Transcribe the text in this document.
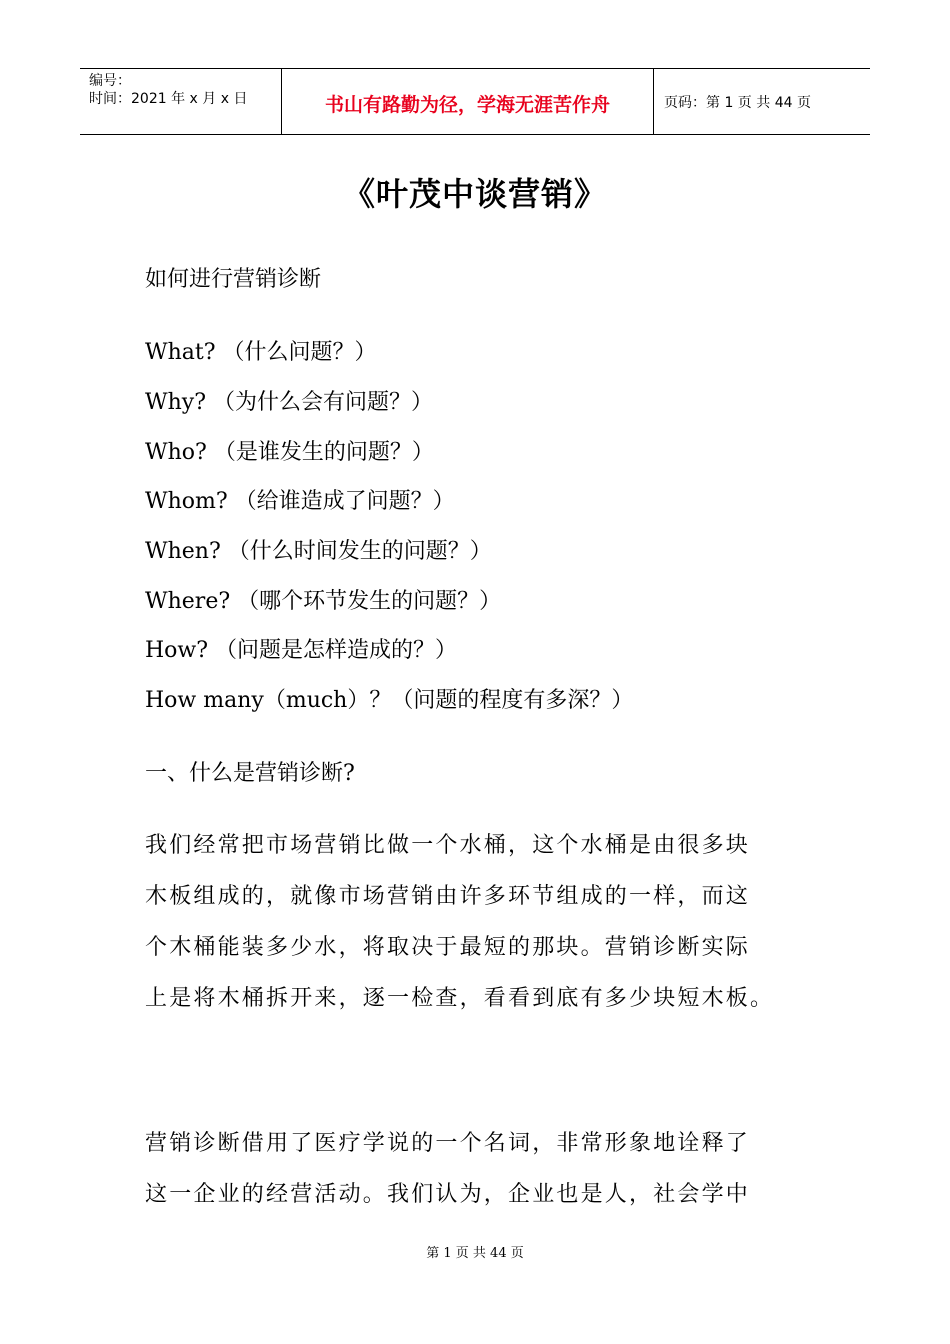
编号：
时间：2021 年 x 月 x 日	书山有路勤为径，学海无涯苦作舟	页码：第 1 页 共 44 页
《叶茂中谈营销》
如何进行营销诊断
What? （什么问题？）
Why? （为什么会有问题？）
Who? （是谁发生的问题？）
Whom? （给谁造成了问题？）
When? （什么时间发生的问题？）
Where? （哪个环节发生的问题？）
How? （问题是怎样造成的？）
How many（much）？（问题的程度有多深？）
一、什么是营销诊断?
我们经常把市场营销比做一个水桶，这个水桶是由很多块
木板组成的，就像市场营销由许多环节组成的一样，而这
个木桶能装多少水，将取决于最短的那块。营销诊断实际
上是将木桶拆开来，逐一检查，看看到底有多少块短木板。
营销诊断借用了医疗学说的一个名词，非常形象地诠释了
这一企业的经营活动。我们认为，企业也是人，社会学中
第 1 页 共 44 页
